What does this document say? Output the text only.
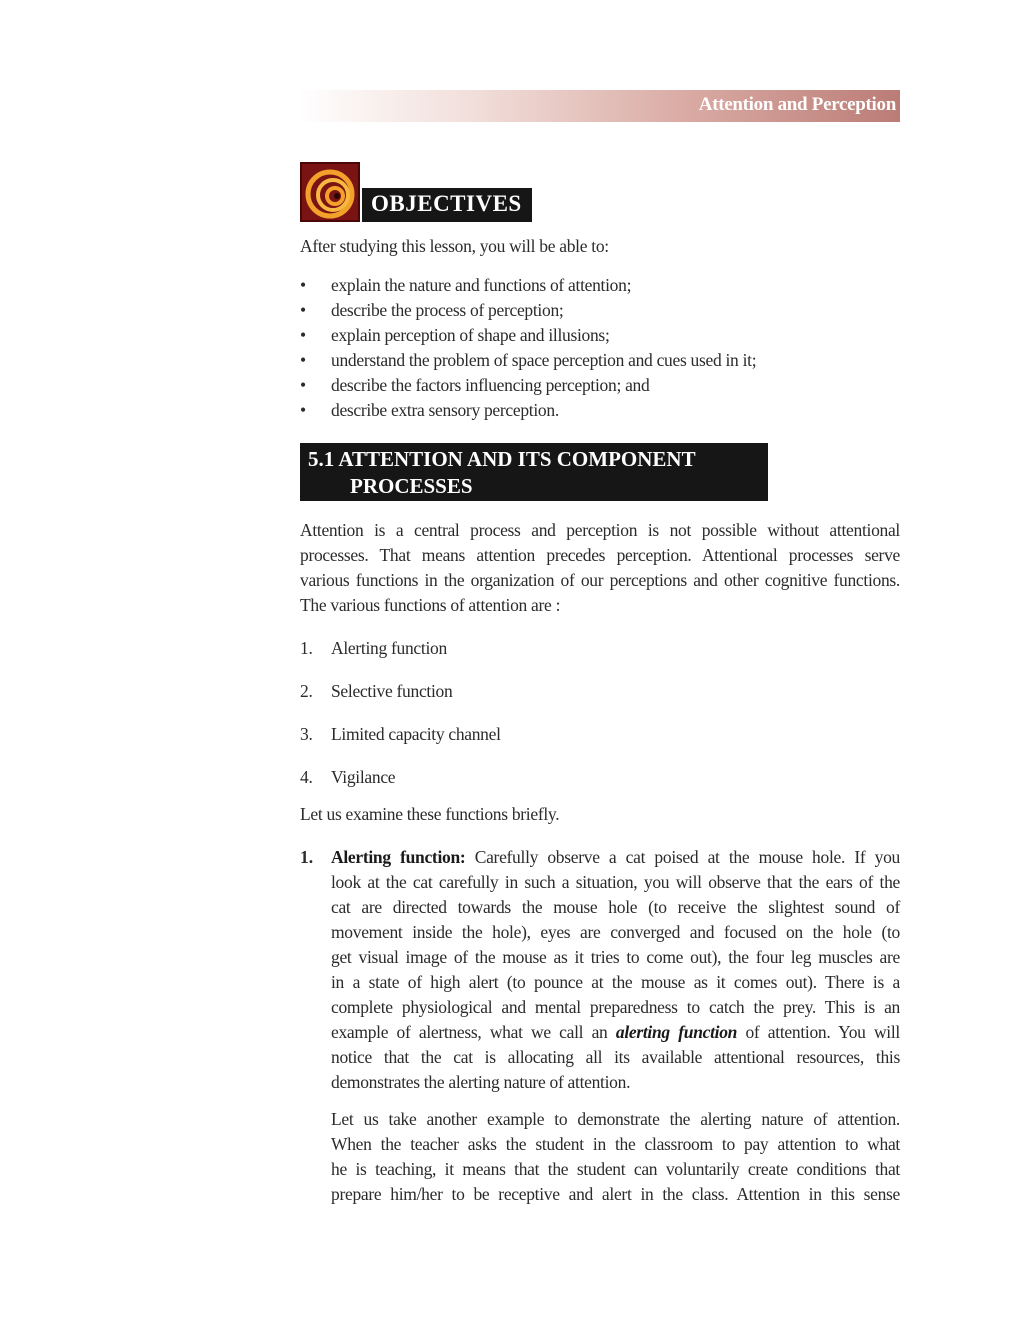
Attention and Perception
OBJECTIVES

After studying this lesson, you will be able to:

• explain the nature and functions of attention;
• describe the process of perception;
• explain perception of shape and illusions;
• understand the problem of space perception and cues used in it;
• describe the factors influencing perception; and
• describe extra sensory perception.
5.1 ATTENTION AND ITS COMPONENT
PROCESSES
Attention is a central process and perception is not possible without attentional
processes. That means attention precedes perception. Attentional processes serve
various functions in the organization of our perceptions and other cognitive functions.
The various functions of attention are :
1. Alerting function
2. Selective function
3. Limited capacity channel
4. Vigilance

Let us examine these functions briefly.

1. Alerting function: Carefully observe a cat poised at the mouse hole. If you
look at the cat carefully in such a situation, you will observe that the ears of the
cat are directed towards the mouse hole (to receive the slightest sound of
movement inside the hole), eyes are converged and focused on the hole (to
get visual image of the mouse as it tries to come out), the four leg muscles are
in a state of high alert (to pounce at the mouse as it comes out). There is a
complete physiological and mental preparedness to catch the prey. This is an
example of alertness, what we call an alerting function of attention. You will
notice that the cat is allocating all its available attentional resources, this
demonstrates the alerting nature of attention.
Let us take another example to demonstrate the alerting nature of attention.
When the teacher asks the student in the classroom to pay attention to what
he is teaching, it means that the student can voluntarily create conditions that
prepare him/her to be receptive and alert in the class. Attention in this sense
